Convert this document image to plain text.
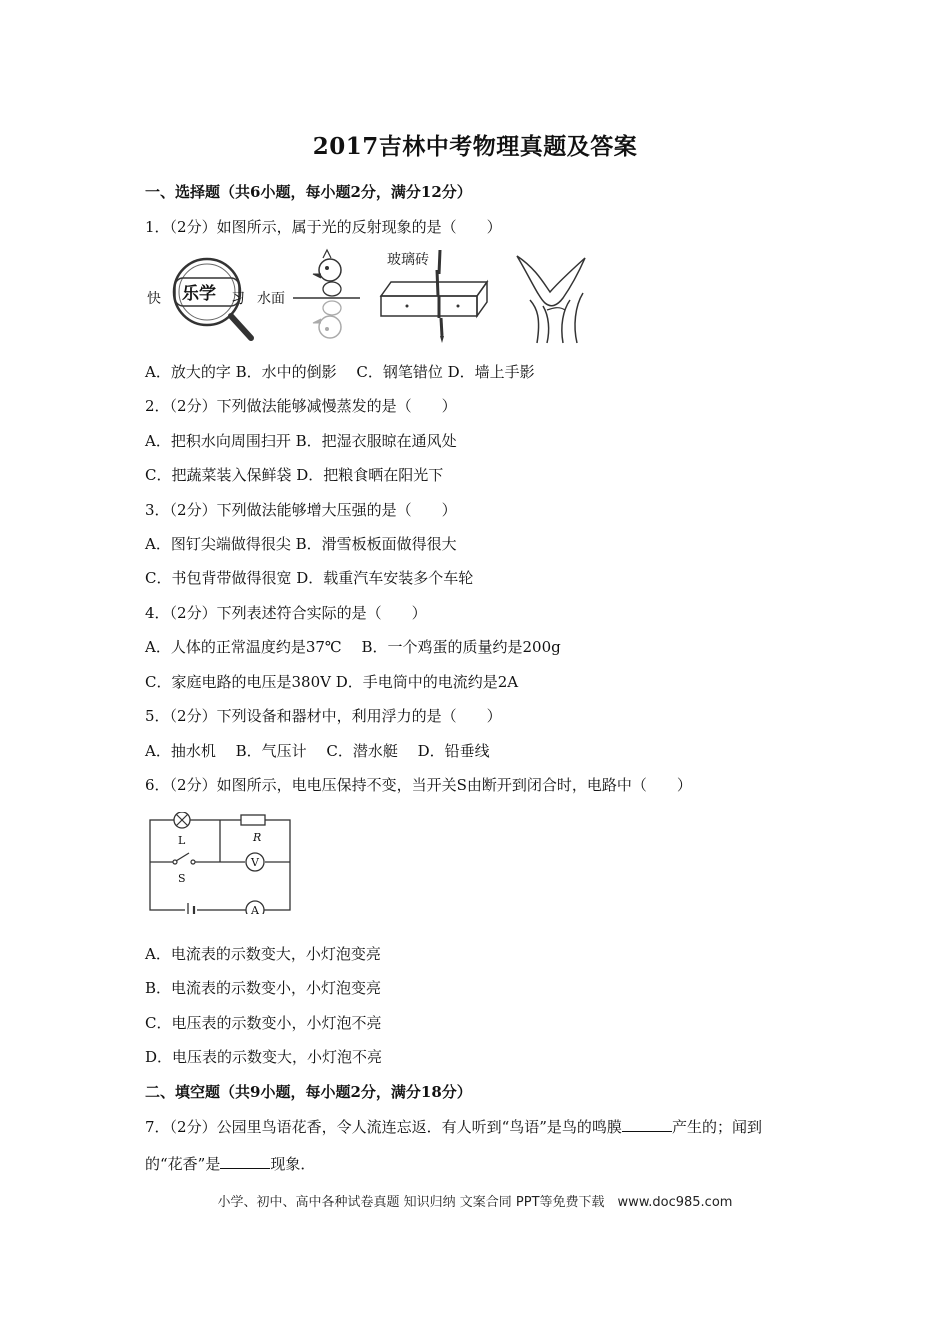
2017吉林中考物理真题及答案
一、选择题（共6小题，每小题2分，满分12分）
1．（2分）如图所示，属于光的反射现象的是（　　）
快 乐学 习 水面
玻璃砖
A．放大的字 B．水中的倒影　 C．钢笔错位 D．墙上手影
2．（2分）下列做法能够减慢蒸发的是（　　）
A．把积水向周围扫开 B．把湿衣服晾在通风处
C．把蔬菜装入保鲜袋 D．把粮食晒在阳光下
3．（2分）下列做法能够增大压强的是（　　）
A．图钉尖端做得很尖 B．滑雪板板面做得很大
C．书包背带做得很宽 D．载重汽车安装多个车轮
4．（2分）下列表述符合实际的是（　　）
A．人体的正常温度约是37℃　 B．一个鸡蛋的质量约是200g
C．家庭电路的电压是380V D．手电筒中的电流约是2A
5．（2分）下列设备和器材中，利用浮力的是（　　）
A．抽水机　 B．气压计　 C．潜水艇　 D．铅垂线
6．（2分）如图所示，电电压保持不变，当开关S由断开到闭合时，电路中（　　）
L	R
S
V
A
A．电流表的示数变大，小灯泡变亮
B．电流表的示数变小，小灯泡变亮
C．电压表的示数变小，小灯泡不亮
D．电压表的示数变大，小灯泡不亮
二、填空题（共9小题，每小题2分，满分18分）
7．（2分）公园里鸟语花香，令人流连忘返．有人听到“鸟语”是鸟的鸣膜	产生的；闻到
的“花香”是	现象．
小学、初中、高中各种试卷真题 知识归纳 文案合同 PPT等免费下载　www.doc985.com
